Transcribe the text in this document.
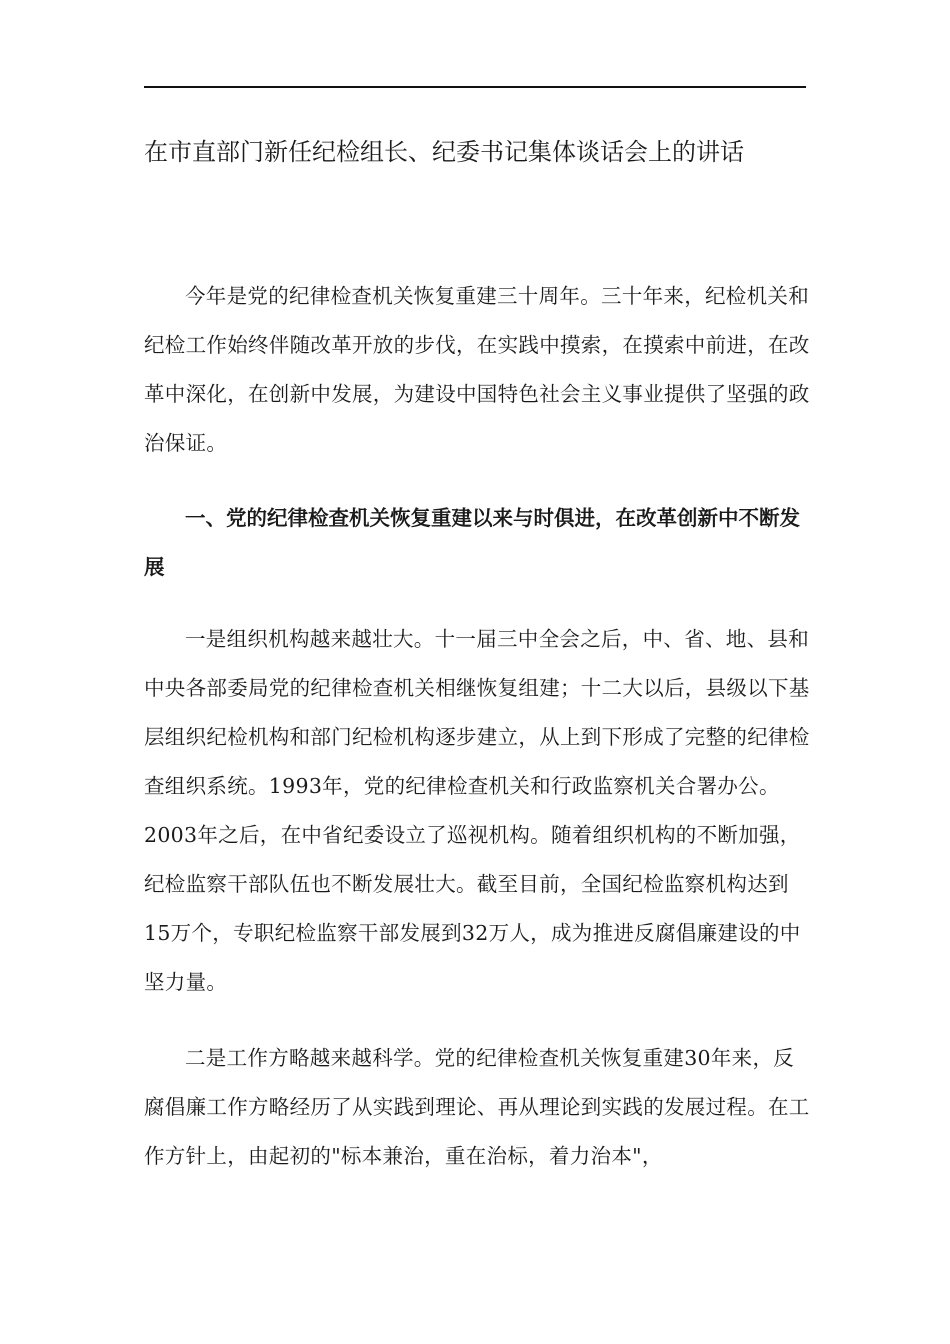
在市直部门新任纪检组长、纪委书记集体谈话会上的讲话

今年是党的纪律检查机关恢复重建三十周年。三十年来，纪检机关和纪检工作始终伴随改革开放的步伐，在实践中摸索，在摸索中前进，在改革中深化，在创新中发展，为建设中国特色社会主义事业提供了坚强的政治保证。

一、党的纪律检查机关恢复重建以来与时俱进，在改革创新中不断发展

一是组织机构越来越壮大。十一届三中全会之后，中、省、地、县和中央各部委局党的纪律检查机关相继恢复组建；十二大以后，县级以下基层组织纪检机构和部门纪检机构逐步建立，从上到下形成了完整的纪律检查组织系统。1993年，党的纪律检查机关和行政监察机关合署办公。2003年之后，在中省纪委设立了巡视机构。随着组织机构的不断加强，纪检监察干部队伍也不断发展壮大。截至目前，全国纪检监察机构达到15万个，专职纪检监察干部发展到32万人，成为推进反腐倡廉建设的中坚力量。

二是工作方略越来越科学。党的纪律检查机关恢复重建30年来，反腐倡廉工作方略经历了从实践到理论、再从理论到实践的发展过程。在工作方针上，由起初的"标本兼治，重在治标，着力治本"，
